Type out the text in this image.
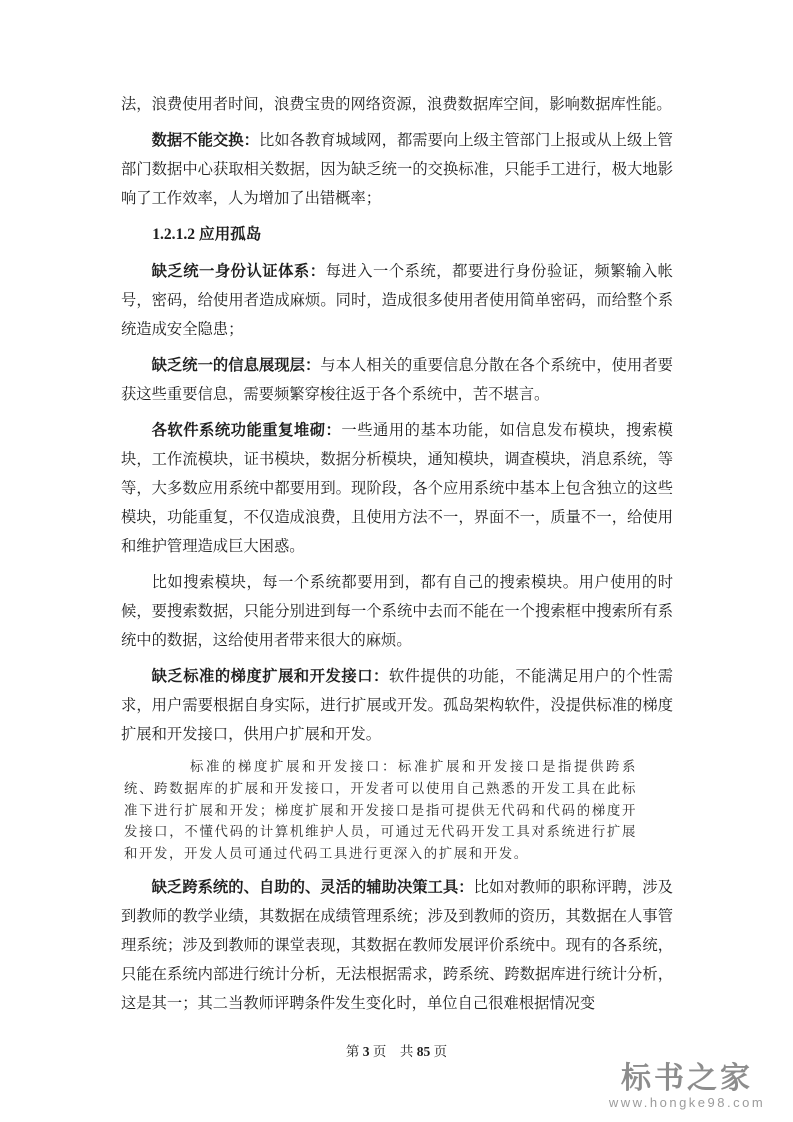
法，浪费使用者时间，浪费宝贵的网络资源，浪费数据库空间，影响数据库性能。

数据不能交换：比如各教育城域网，都需要向上级主管部门上报或从上级上管部门数据中心获取相关数据，因为缺乏统一的交换标准，只能手工进行，极大地影响了工作效率，人为增加了出错概率；

1.2.1.2 应用孤岛

缺乏统一身份认证体系：每进入一个系统，都要进行身份验证，频繁输入帐号，密码，给使用者造成麻烦。同时，造成很多使用者使用简单密码，而给整个系统造成安全隐患；

缺乏统一的信息展现层：与本人相关的重要信息分散在各个系统中，使用者要获这些重要信息，需要频繁穿梭往返于各个系统中，苦不堪言。

各软件系统功能重复堆砌：一些通用的基本功能，如信息发布模块，搜索模块，工作流模块，证书模块，数据分析模块，通知模块，调查模块，消息系统，等等，大多数应用系统中都要用到。现阶段，各个应用系统中基本上包含独立的这些模块，功能重复，不仅造成浪费，且使用方法不一，界面不一，质量不一，给使用和维护管理造成巨大困惑。

比如搜索模块，每一个系统都要用到，都有自己的搜索模块。用户使用的时候，要搜索数据，只能分别进到每一个系统中去而不能在一个搜索框中搜索所有系统中的数据，这给使用者带来很大的麻烦。

缺乏标准的梯度扩展和开发接口：软件提供的功能，不能满足用户的个性需求，用户需要根据自身实际，进行扩展或开发。孤岛架构软件，没提供标准的梯度扩展和开发接口，供用户扩展和开发。

标准的梯度扩展和开发接口：标准扩展和开发接口是指提供跨系统、跨数据库的扩展和开发接口，开发者可以使用自己熟悉的开发工具在此标准下进行扩展和开发；梯度扩展和开发接口是指可提供无代码和代码的梯度开发接口，不懂代码的计算机维护人员，可通过无代码开发工具对系统进行扩展和开发，开发人员可通过代码工具进行更深入的扩展和开发。

缺乏跨系统的、自助的、灵活的辅助决策工具：比如对教师的职称评聘，涉及到教师的教学业绩，其数据在成绩管理系统；涉及到教师的资历，其数据在人事管理系统；涉及到教师的课堂表现，其数据在教师发展评价系统中。现有的各系统，只能在系统内部进行统计分析，无法根据需求，跨系统、跨数据库进行统计分析，这是其一；其二当教师评聘条件发生变化时，单位自己很难根据情况变

第 3 页　共 85 页
标书之家
www.hongke98.com
